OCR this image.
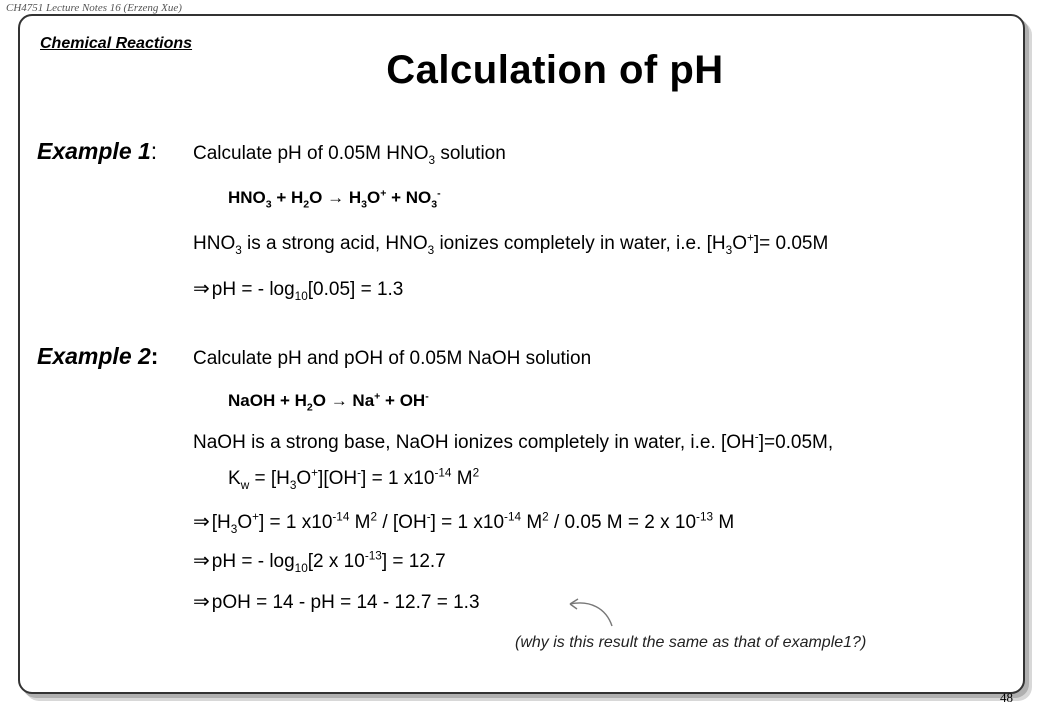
CH4751 Lecture Notes 16 (Erzeng Xue)
Chemical Reactions
Calculation of pH
Example 1: Calculate pH of 0.05M $HNO_3$ solution
$HNO_3 + H_2O \to H_3O^+ + NO_3^-$
$HNO_3$ is a strong acid, $HNO_3$ ionizes completely in water, i.e. $[H_3O^+]= 0.05M$
⇒ pH = - $\log_{10}[0.05] = 1.3$
Example 2: Calculate pH and pOH of 0.05M NaOH solution
NaOH + $H_2O \to Na^+ + OH^-$
NaOH is a strong base, NaOH ionizes completely in water, i.e. [OH-]=0.05M,
$K_w = [H_3O^+][OH^-] = 1$ $x10^{-14}$ $M^2$
⇒ $[H_3O^+] = 1$ $x10^{-14}$ $M^2 / [OH^-] = 1$ $x10^{-14}$ $M^2 / 0.05$ M = 2 x $10^{-13}$ M
⇒ pH = - $\log_{10}[2$ x $10^{-13}] = 12.7$
⇒ pOH = 14 - pH = 14 - 12.7 = 1.3
(why is this result the same as that of example1?)
48
